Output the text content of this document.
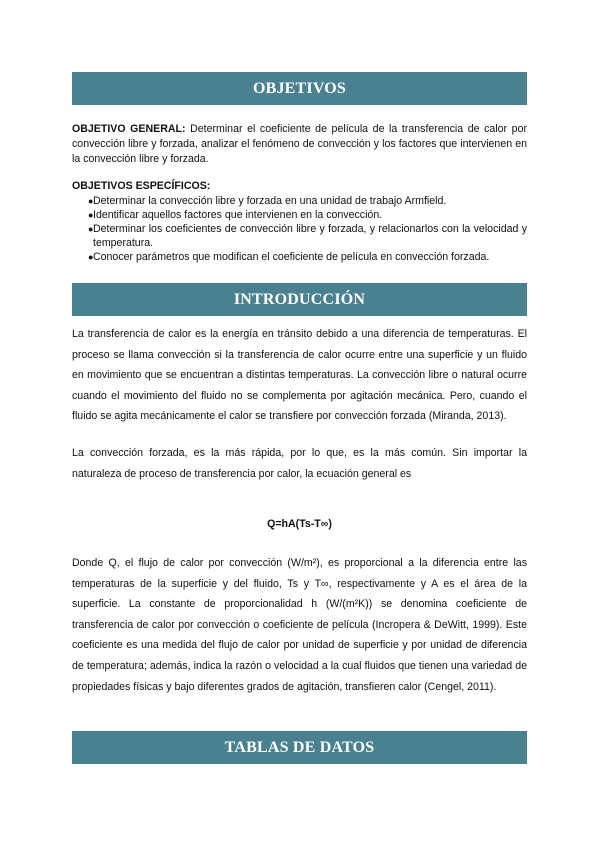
OBJETIVOS
OBJETIVO GENERAL: Determinar el coeficiente de película de la transferencia de calor por convección libre y forzada, analizar el fenómeno de convección y los factores que intervienen en la convección libre y forzada.
OBJETIVOS ESPECÍFICOS:
● Determinar la convección libre y forzada en una unidad de trabajo Armfield.
● Identificar aquellos factores que intervienen en la convección.
● Determinar los coeficientes de convección libre y forzada, y relacionarlos con la velocidad y temperatura.
● Conocer parámetros que modifican el coeficiente de película en convección forzada.
INTRODUCCIÓN

La transferencia de calor es la energía en tránsito debido a una diferencia de temperaturas. El proceso se llama convección si la transferencia de calor ocurre entre una superficie y un fluido en movimiento que se encuentran a distintas temperaturas. La convección libre o natural ocurre cuando el movimiento del fluido no se complementa por agitación mecánica. Pero, cuando el fluido se agita mecánicamente el calor se transfiere por convección forzada (Miranda, 2013).

La convección forzada, es la más rápida, por lo que, es la más común. Sin importar la naturaleza de proceso de transferencia por calor, la ecuación general es

Q=hA(Ts-T∞)
Donde Q, el flujo de calor por convección (W/m²), es proporcional a la diferencia entre las temperaturas de la superficie y del fluido, Ts y T∞, respectivamente y A es el área de la superficie. La constante de proporcionalidad h (W/(m²K)) se denomina coeficiente de transferencia de calor por convección o coeficiente de película (Incropera & DeWitt, 1999). Este coeficiente es una medida del flujo de calor por unidad de superficie y por unidad de diferencia de temperatura; además, indica la razón o velocidad a la cual fluidos que tienen una variedad de propiedades físicas y bajo diferentes grados de agitación, transfieren calor (Cengel, 2011).
TABLAS DE DATOS
